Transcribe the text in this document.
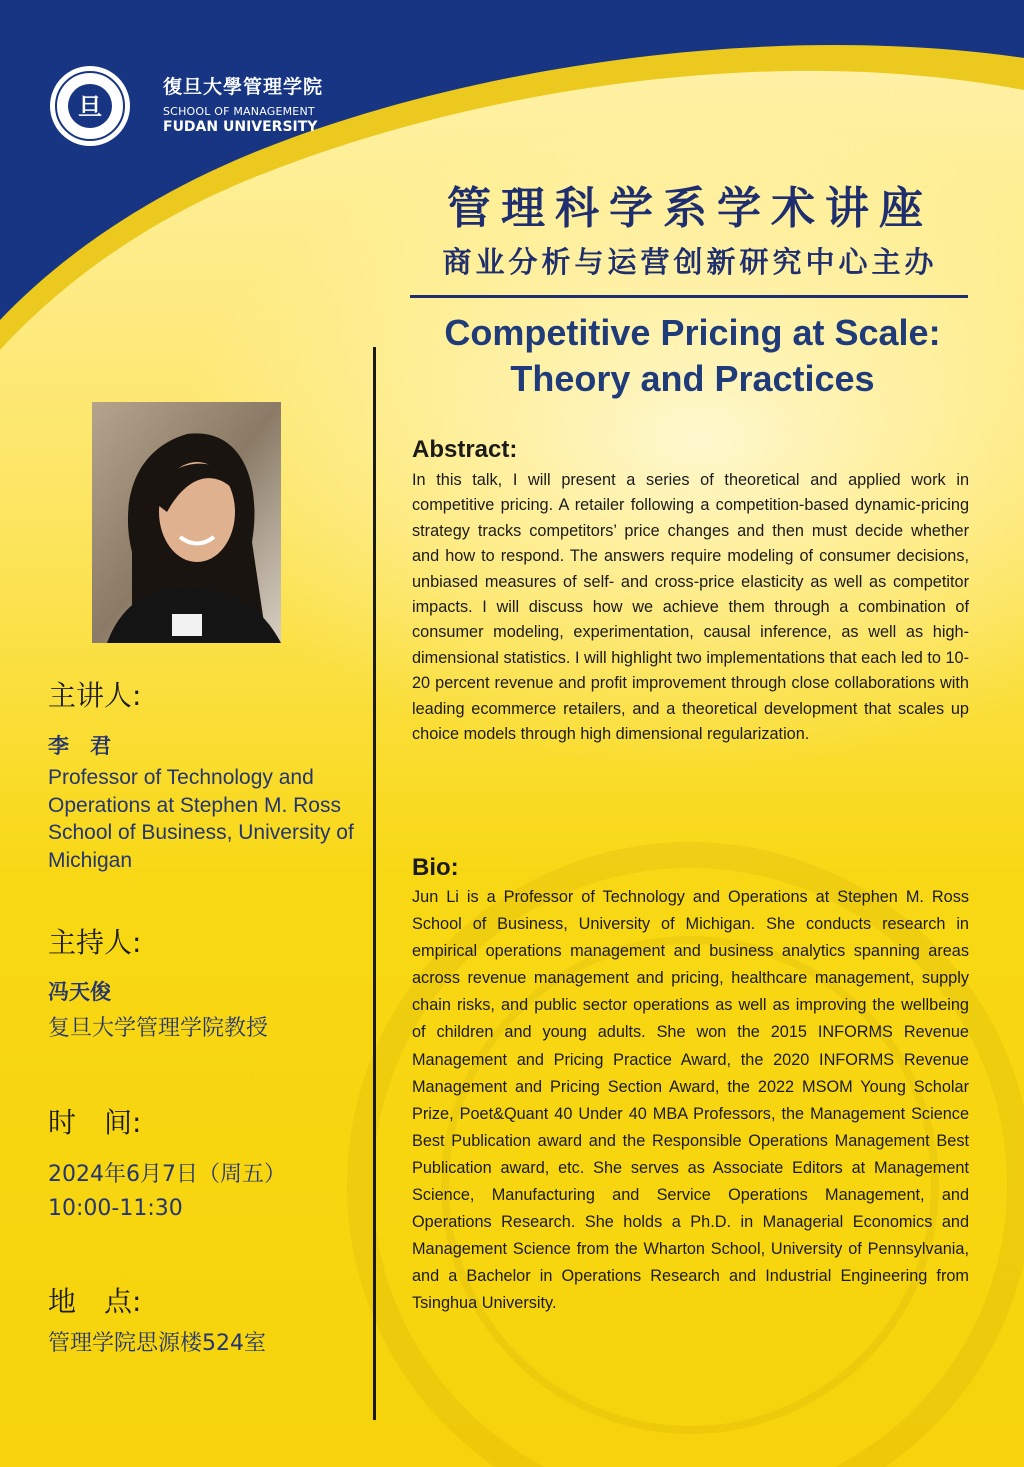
旦
復旦大學管理学院
SCHOOL OF MANAGEMENT
FUDAN UNIVERSITY
管理科学系学术讲座
商业分析与运营创新研究中心主办
Competitive Pricing at Scale: Theory and Practices
主讲人:
李　君
Professor of Technology and Operations at Stephen M. Ross School of Business, University of Michigan
主持人:
冯天俊
复旦大学管理学院教授
时　间:
2024年6月7日（周五）
10:00-11:30
地　点:
管理学院思源楼524室
Abstract:
In this talk, I will present a series of theoretical and applied work in competitive pricing. A retailer following a competition-based dynamic-pricing strategy tracks competitors’ price changes and then must decide whether and how to respond. The answers require modeling of consumer decisions, unbiased measures of self- and cross-price elasticity as well as competitor impacts. I will discuss how we achieve them through a combination of consumer modeling, experimentation, causal inference, as well as high-dimensional statistics. I will highlight two implementations that each led to 10-20 percent revenue and profit improvement through close collaborations with leading ecommerce retailers, and a theoretical development that scales up choice models through high dimensional regularization.
Bio:
Jun Li is a Professor of Technology and Operations at Stephen M. Ross School of Business, University of Michigan. She conducts research in empirical operations management and business analytics spanning areas across revenue management and pricing, healthcare management, supply chain risks, and public sector operations as well as improving the wellbeing of children and young adults. She won the 2015 INFORMS Revenue Management and Pricing Practice Award, the 2020 INFORMS Revenue Management and Pricing Section Award, the 2022 MSOM Young Scholar Prize, Poet&Quant 40 Under 40 MBA Professors, the Management Science Best Publication award and the Responsible Operations Management Best Publication award, etc. She serves as Associate Editors at Management Science, Manufacturing and Service Operations Management, and Operations Research. She holds a Ph.D. in Managerial Economics and Management Science from the Wharton School, University of Pennsylvania, and a Bachelor in Operations Research and Industrial Engineering from Tsinghua University.
